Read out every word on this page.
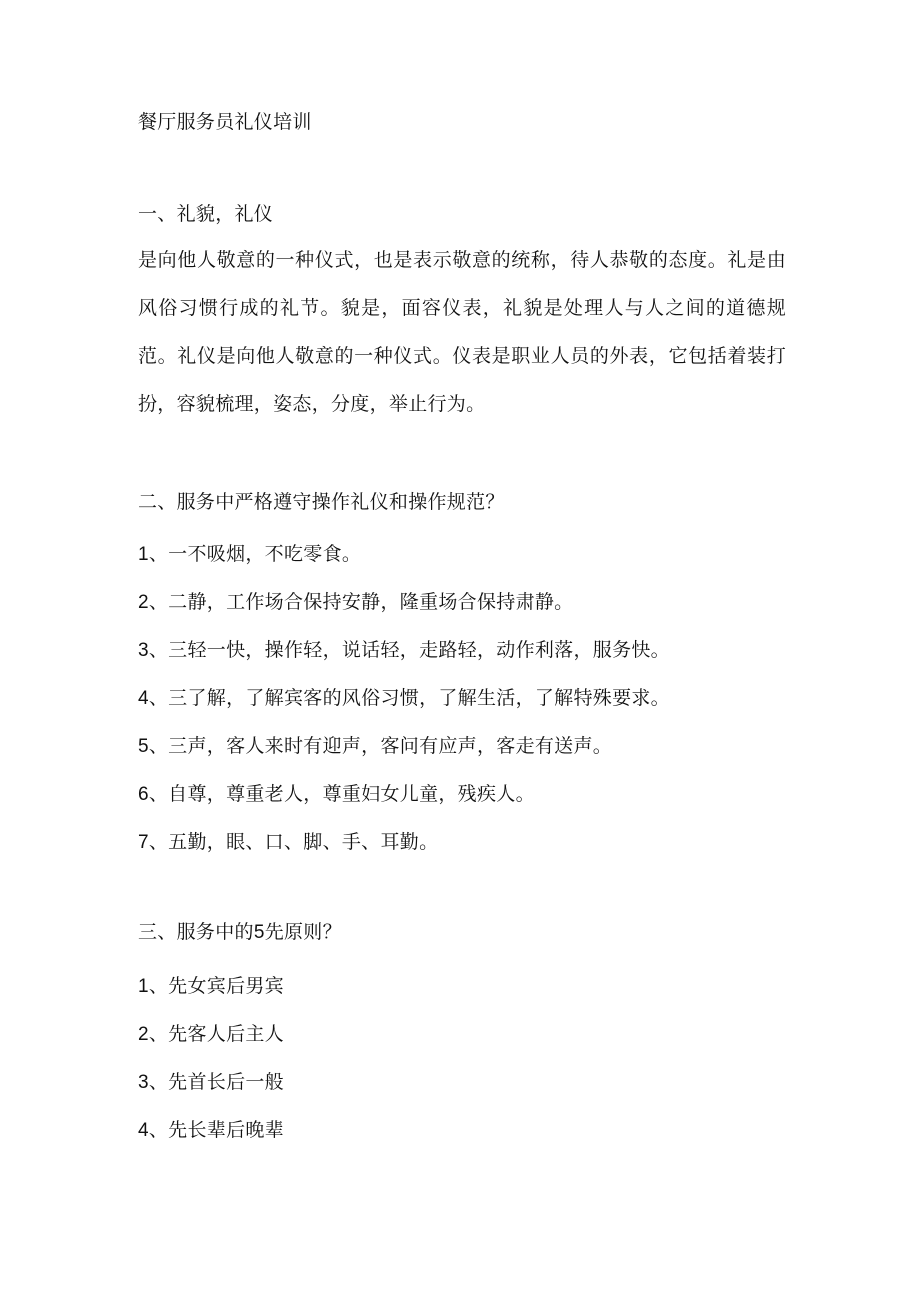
餐厅服务员礼仪培训
一、礼貌，礼仪
是向他人敬意的一种仪式，也是表示敬意的统称，待人恭敬的态度。礼是由风俗习惯行成的礼节。貌是，面容仪表，礼貌是处理人与人之间的道德规范。礼仪是向他人敬意的一种仪式。仪表是职业人员的外表，它包括着装打扮，容貌梳理，姿态，分度，举止行为。
二、服务中严格遵守操作礼仪和操作规范？
1、一不吸烟，不吃零食。
2、二静，工作场合保持安静，隆重场合保持肃静。
3、三轻一快，操作轻，说话轻，走路轻，动作利落，服务快。
4、三了解，了解宾客的风俗习惯，了解生活，了解特殊要求。
5、三声，客人来时有迎声，客问有应声，客走有送声。
6、自尊，尊重老人，尊重妇女儿童，残疾人。
7、五勤，眼、口、脚、手、耳勤。
三、服务中的5先原则？
1、先女宾后男宾
2、先客人后主人
3、先首长后一般
4、先长辈后晚辈
